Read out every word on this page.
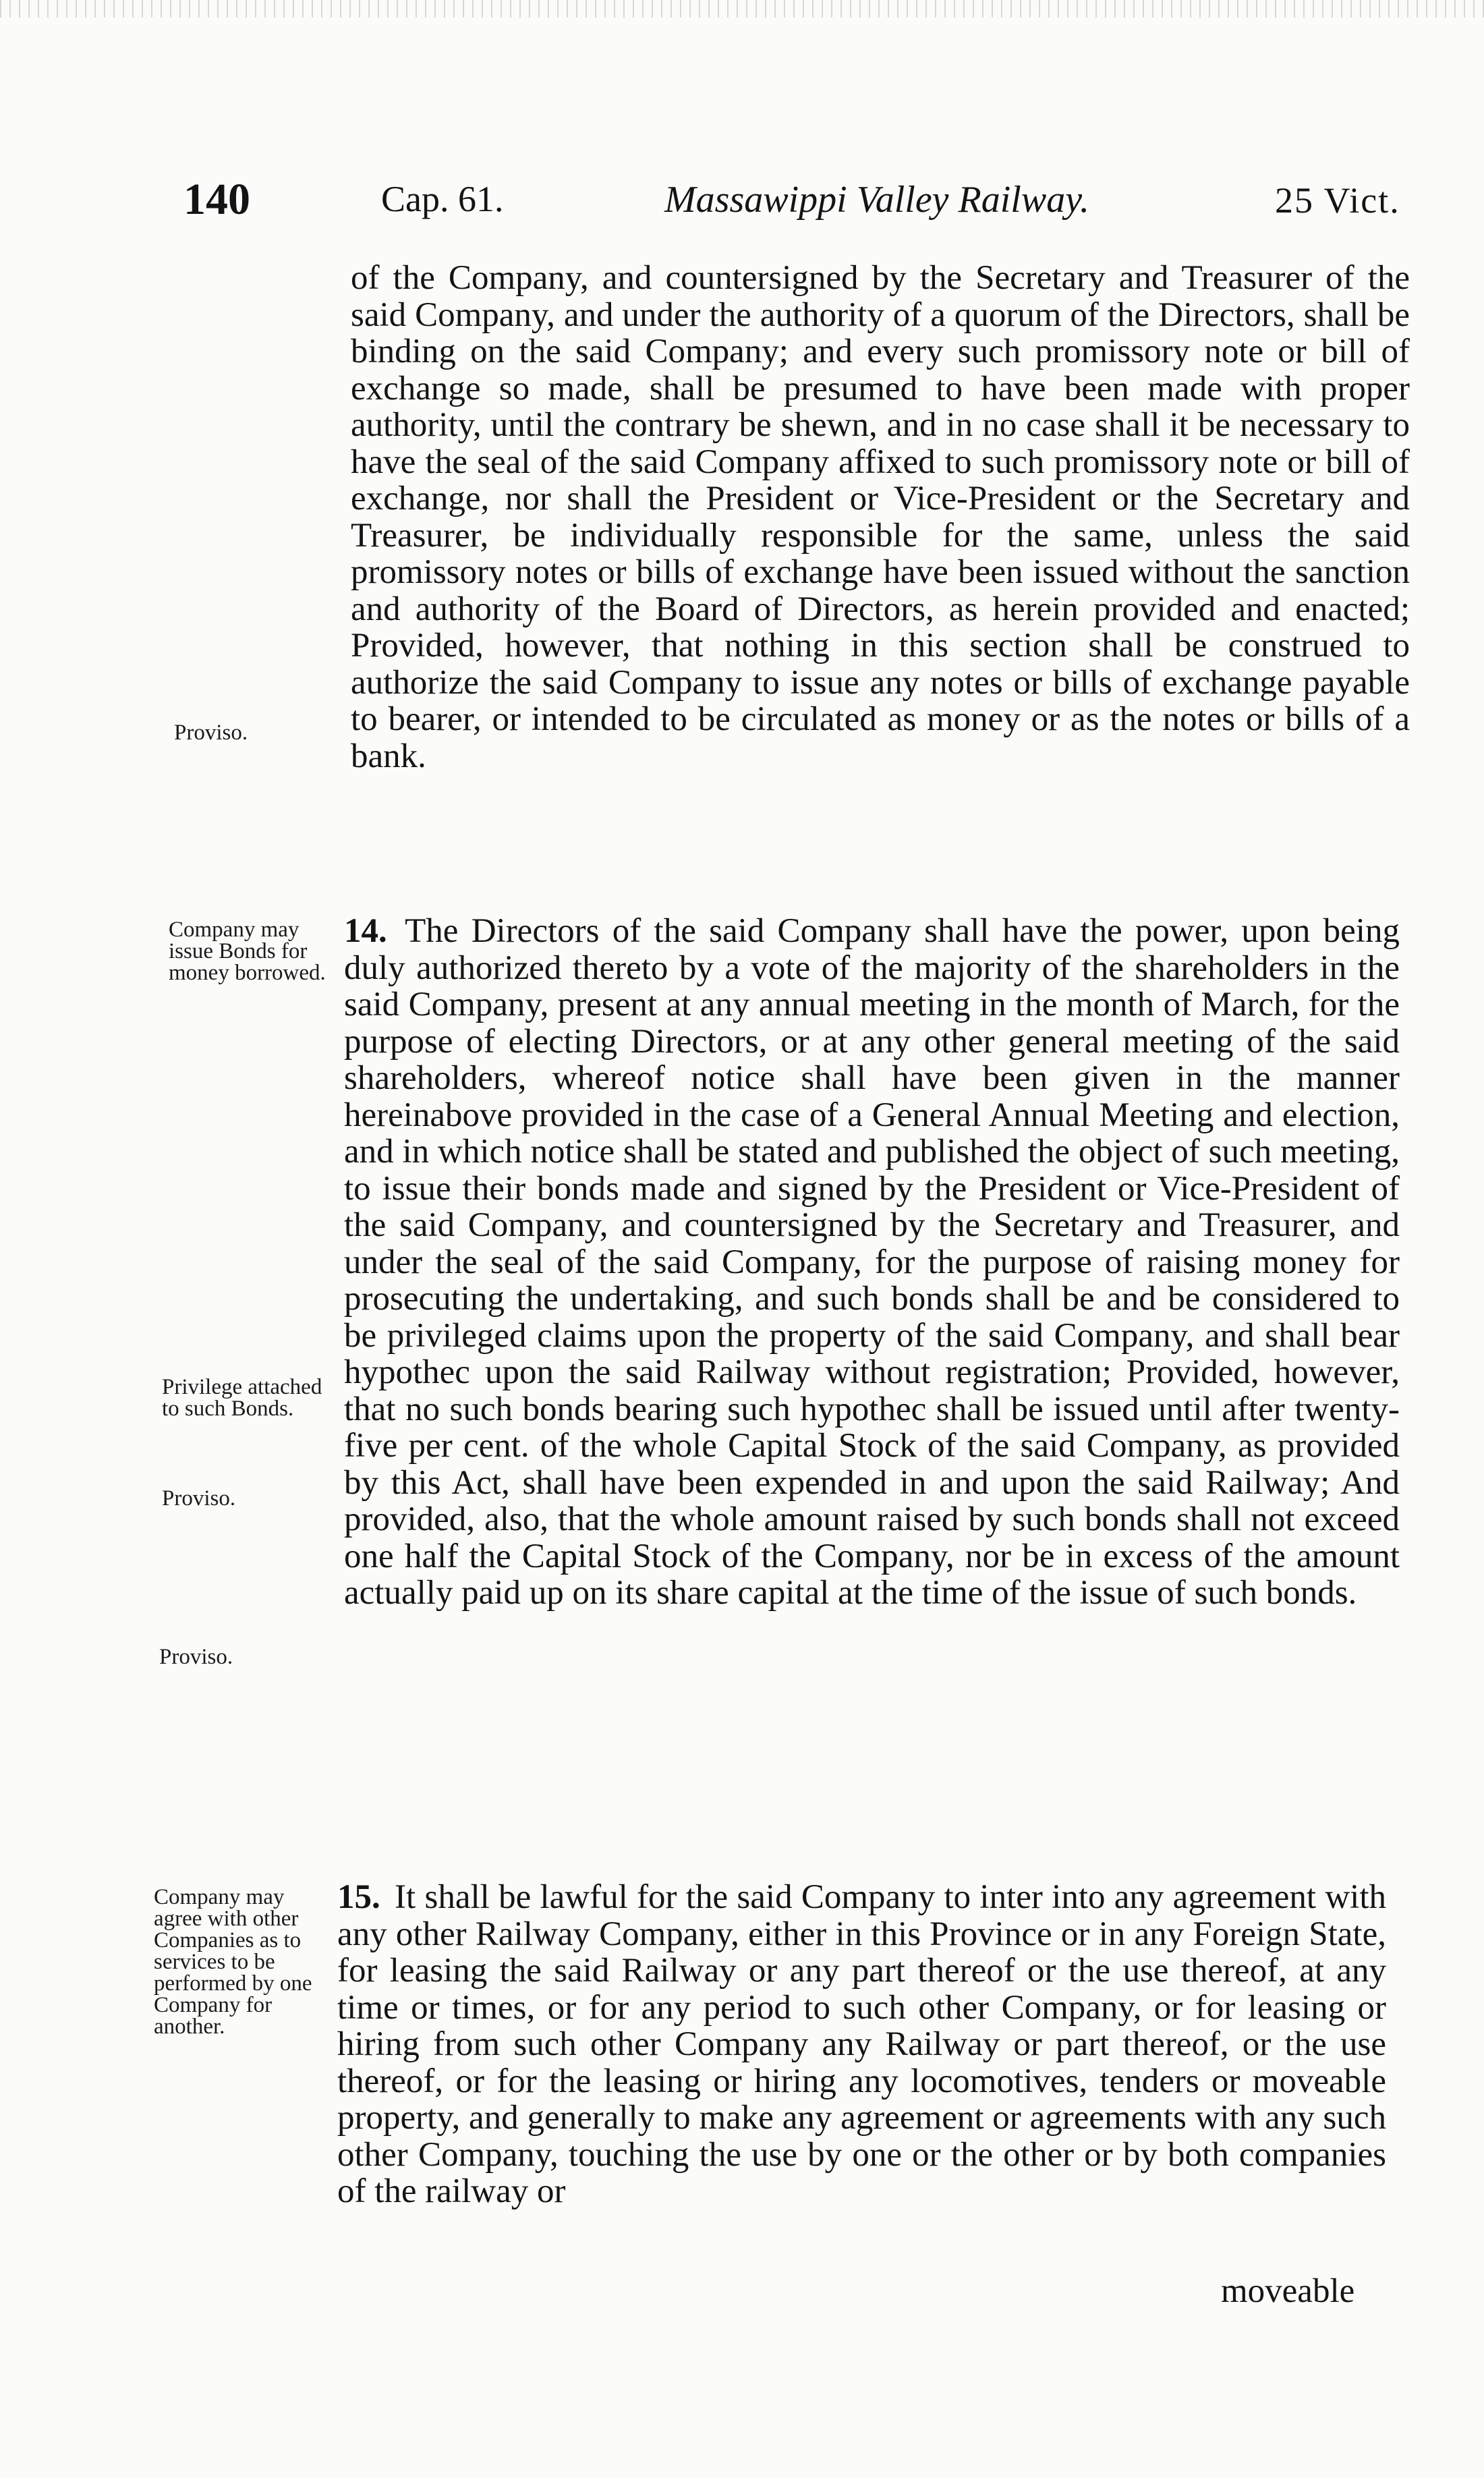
140	Cap. 61.	Massawippi Valley Railway.	25 Vict.

of the Company, and countersigned by the Secretary and Treasurer of the said Company, and under the authority of a quorum of the Directors, shall be binding on the said Company; and every such promissory note or bill of exchange so made, shall be presumed to have been made with proper authority, until the contrary be shewn, and in no case shall it be necessary to have the seal of the said Company affixed to such promissory note or bill of exchange, nor shall the President or Vice-President or the Secretary and Treasurer, be individually responsible for the same, unless the said promissory notes or bills of exchange have been issued without the sanction and authority of the Board of Directors, as herein provided and enacted; Provided, however, that nothing in this section shall be construed to authorize the said Company to issue any notes or bills of exchange payable to bearer, or intended to be circulated as money or as the notes or bills of a bank.

14. The Directors of the said Company shall have the power, upon being duly authorized thereto by a vote of the majority of the shareholders in the said Company, present at any annual meeting in the month of March, for the purpose of electing Directors, or at any other general meeting of the said shareholders, whereof notice shall have been given in the manner hereinabove provided in the case of a General Annual Meeting and election, and in which notice shall be stated and published the object of such meeting, to issue their bonds made and signed by the President or Vice-President of the said Company, and countersigned by the Secretary and Treasurer, and under the seal of the said Company, for the purpose of raising money for prosecuting the undertaking, and such bonds shall be and be considered to be privileged claims upon the property of the said Company, and shall bear hypothec upon the said Railway without registration; Provided, however, that no such bonds bearing such hypothec shall be issued until after twenty-five per cent. of the whole Capital Stock of the said Company, as provided by this Act, shall have been expended in and upon the said Railway; And provided, also, that the whole amount raised by such bonds shall not exceed one half the Capital Stock of the Company, nor be in excess of the amount actually paid up on its share capital at the time of the issue of such bonds.

15. It shall be lawful for the said Company to inter into any agreement with any other Railway Company, either in this Province or in any Foreign State, for leasing the said Railway or any part thereof or the use thereof, at any time or times, or for any period to such other Company, or for leasing or hiring from such other Company any Railway or part thereof, or the use thereof, or for the leasing or hiring any locomotives, tenders or moveable property, and generally to make any agreement or agreements with any such other Company, touching the use by one or the other or by both companies of the railway or

moveable
Proviso.
Company may issue Bonds for money borrowed.
Privilege attached to such Bonds.
Proviso.
Proviso.
Company may agree with other Companies as to services to be performed by one Company for another.
